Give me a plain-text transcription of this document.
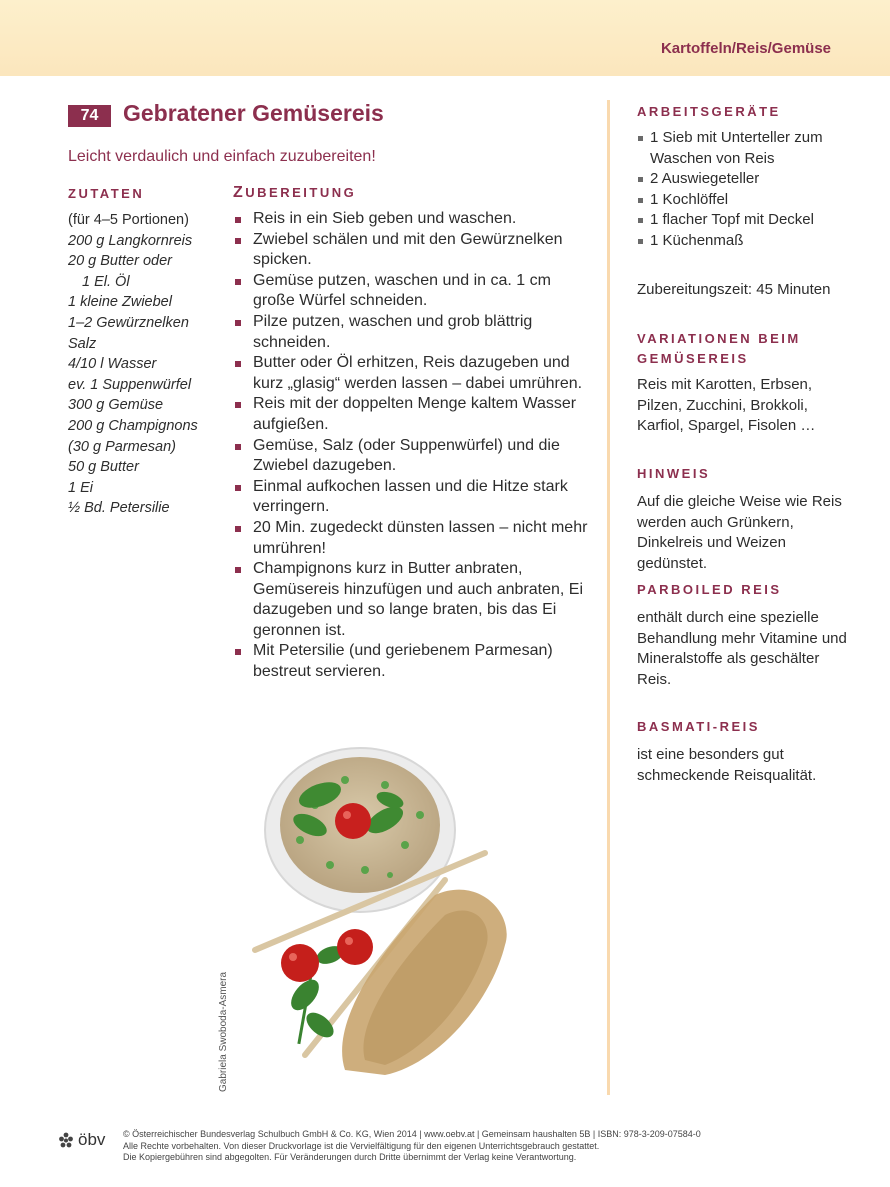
Kartoffeln/Reis/Gemüse
74	Gebratener Gemüsereis
Leicht verdaulich und einfach zuzubereiten!
ZUTATEN
(für 4–5 Portionen)
200 g Langkornreis
20 g Butter oder
1 El. Öl
1 kleine Zwiebel
1–2 Gewürznelken
Salz
4/10 l Wasser
ev. 1 Suppenwürfel
300 g Gemüse
200 g Champignons
(30 g Parmesan)
50 g Butter
1 Ei
½ Bd. Petersilie
ZUBEREITUNG
Reis in ein Sieb geben und waschen.
Zwiebel schälen und mit den Gewürznelken spicken.
Gemüse putzen, waschen und in ca. 1 cm große Würfel schneiden.
Pilze putzen, waschen und grob blättrig schneiden.
Butter oder Öl erhitzen, Reis dazugeben und kurz „glasig“ werden lassen – dabei umrühren.
Reis mit der doppelten Menge kaltem Wasser aufgießen.
Gemüse, Salz (oder Suppenwürfel) und die Zwiebel dazugeben.
Einmal aufkochen lassen und die Hitze stark verringern.
20 Min. zugedeckt dünsten lassen – nicht mehr umrühren!
Champignons kurz in Butter anbraten, Gemüsereis hinzufügen und auch anbraten, Ei dazugeben und so lange braten, bis das Ei geronnen ist.
Mit Petersilie (und geriebenem Parmesan) bestreut servieren.
ARBEITSGERÄTE
1 Sieb mit Unterteller zum Waschen von Reis
2 Auswiegeteller
1 Kochlöffel
1 flacher Topf mit Deckel
1 Küchenmaß
Zubereitungszeit: 45 Minuten
VARIATIONEN BEIM
GEMÜSEREIS

Reis mit Karotten, Erbsen, Pilzen, Zucchini, Brokkoli, Karfiol, Spargel, Fisolen …

HINWEIS

Auf die gleiche Weise wie Reis werden auch Grünkern, Dinkelreis und Weizen gedünstet.

PARBOILED REIS

enthält durch eine spezielle Behandlung mehr Vitamine und Mineralstoffe als geschälter Reis.

BASMATI-REIS

ist eine besonders gut schmeckende Reisqualität.

Gabriela Swoboda-Asmera
öbv © Österreichischer Bundesverlag Schulbuch GmbH & Co. KG, Wien 2014 | www.oebv.at | Gemeinsam haushalten 5B | ISBN: 978-3-209-07584-0
Alle Rechte vorbehalten. Von dieser Druckvorlage ist die Vervielfältigung für den eigenen Unterrichtsgebrauch gestattet.
Die Kopiergebühren sind abgegolten. Für Veränderungen durch Dritte übernimmt der Verlag keine Verantwortung.
